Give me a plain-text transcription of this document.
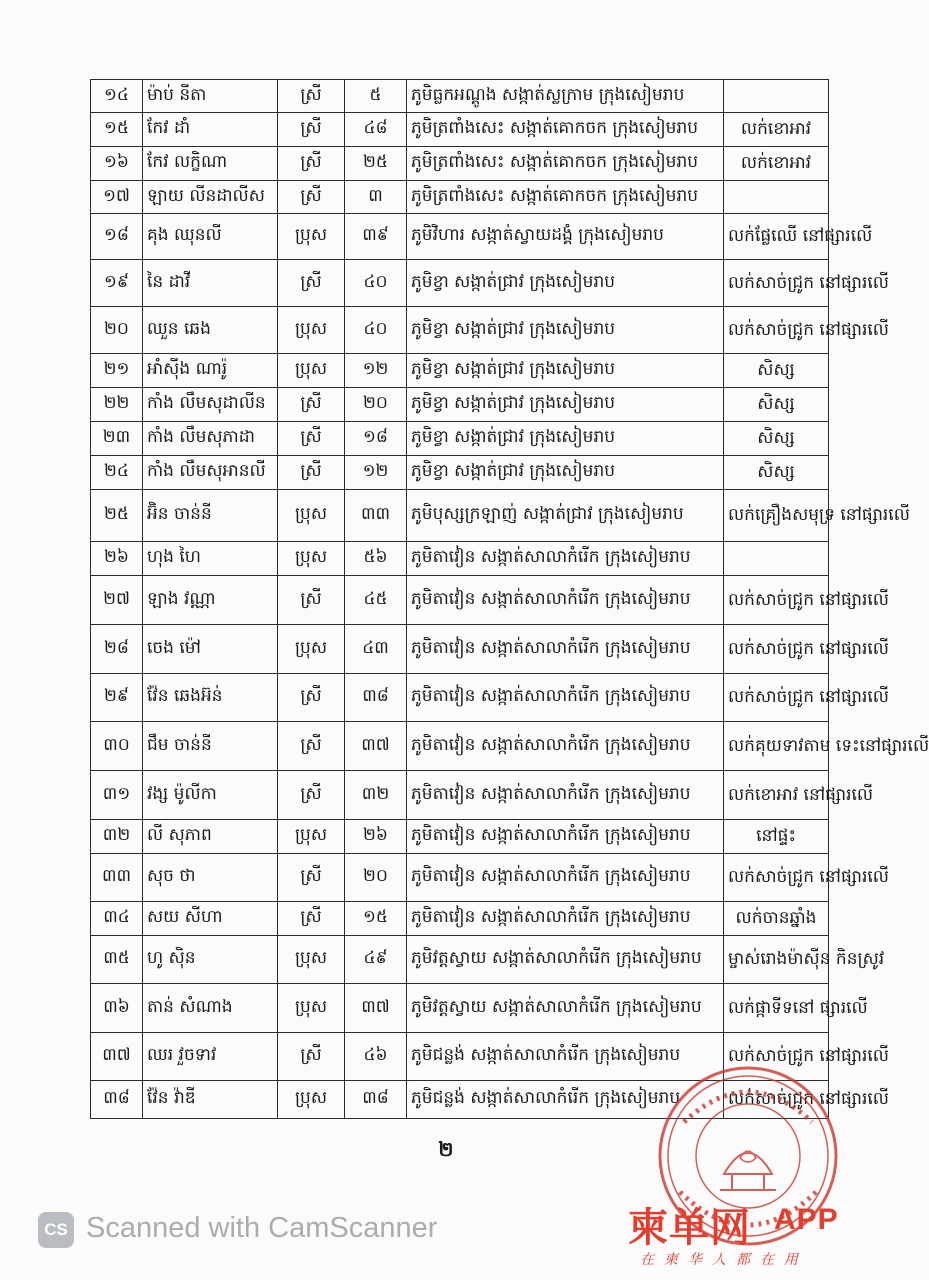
១៤	ម៉ាប់ នីតា	ស្រី	៥	ភូមិធ្លកអណ្តូង សង្កាត់ស្លក្រាម ក្រុងសៀមរាប	
១៥	កែវ ដាំ	ស្រី	៤៨	ភូមិត្រពាំងសេះ សង្កាត់គោកចក ក្រុងសៀមរាប	លក់ខោអាវ
១៦	កែវ លក្ខិណា	ស្រី	២៥	ភូមិត្រពាំងសេះ សង្កាត់គោកចក ក្រុងសៀមរាប	លក់ខោអាវ
១៧	ឡាយ លីនដាលីស	ស្រី	៣	ភូមិត្រពាំងសេះ សង្កាត់គោកចក ក្រុងសៀមរាប	
១៨	គុង ឈុនលី	ប្រុស	៣៩	ភូមិវិហារ សង្កាត់ស្វាយដង្គំ ក្រុងសៀមរាប	លក់ផ្លែឈើ នៅផ្សារលើ
១៩	នៃ ដាវី	ស្រី	៤០	ភូមិខ្វា សង្កាត់ជ្រាវ ក្រុងសៀមរាប	លក់សាច់ជ្រូក នៅផ្សារលើ
២០	ឈួន ឆេង	ប្រុស	៤០	ភូមិខ្វា សង្កាត់ជ្រាវ ក្រុងសៀមរាប	លក់សាច់ជ្រូក នៅផ្សារលើ
២១	អាំស៊ីង ណារ៉ូ	ប្រុស	១២	ភូមិខ្វា សង្កាត់ជ្រាវ ក្រុងសៀមរាប	សិស្ស
២២	កាំង លឹមសុដាលីន	ស្រី	២០	ភូមិខ្វា សង្កាត់ជ្រាវ ក្រុងសៀមរាប	សិស្ស
២៣	កាំង លឹមសុភាដា	ស្រី	១៨	ភូមិខ្វា សង្កាត់ជ្រាវ ក្រុងសៀមរាប	សិស្ស
២៤	កាំង លឹមសុអានលី	ស្រី	១២	ភូមិខ្វា សង្កាត់ជ្រាវ ក្រុងសៀមរាប	សិស្ស
២៥	អ៊ិន ចាន់នី	ប្រុស	៣៣	ភូមិបុស្សក្រឡាញ់ សង្កាត់ជ្រាវ ក្រុងសៀមរាប	លក់គ្រឿងសមុទ្រ នៅផ្សារលើ
២៦	ហុង ហៃ	ប្រុស	៥៦	ភូមិតាវៀន សង្កាត់សាលាកំរើក ក្រុងសៀមរាប	
២៧	ឡាង វណ្ណា	ស្រី	៤៥	ភូមិតាវៀន សង្កាត់សាលាកំរើក ក្រុងសៀមរាប	លក់សាច់ជ្រូក នៅផ្សារលើ
២៨	ចេង ម៉ៅ	ប្រុស	៤៣	ភូមិតាវៀន សង្កាត់សាលាកំរើក ក្រុងសៀមរាប	លក់សាច់ជ្រូក នៅផ្សារលើ
២៩	វ៉ែន ឆេងអ៊ន់	ស្រី	៣៨	ភូមិតាវៀន សង្កាត់សាលាកំរើក ក្រុងសៀមរាប	លក់សាច់ជ្រូក នៅផ្សារលើ
៣០	ជឹម ចាន់នី	ស្រី	៣៧	ភូមិតាវៀន សង្កាត់សាលាកំរើក ក្រុងសៀមរាប	លក់គុយទាវតាម ទេះនៅផ្សារលើ
៣១	វង្ស ម៉ូលីកា	ស្រី	៣២	ភូមិតាវៀន សង្កាត់សាលាកំរើក ក្រុងសៀមរាប	លក់ខោអាវ នៅផ្សារលើ
៣២	លី សុភាព	ប្រុស	២៦	ភូមិតាវៀន សង្កាត់សាលាកំរើក ក្រុងសៀមរាប	នៅផ្ទះ
៣៣	សុច ថា	ស្រី	២០	ភូមិតាវៀន សង្កាត់សាលាកំរើក ក្រុងសៀមរាប	លក់សាច់ជ្រូក នៅផ្សារលើ
៣៤	សយ សីហា	ស្រី	១៥	ភូមិតាវៀន សង្កាត់សាលាកំរើក ក្រុងសៀមរាប	លក់ចានឆ្នាំង
៣៥	ហូ ស៊ិន	ប្រុស	៤៩	ភូមិវត្តស្វាយ សង្កាត់សាលាកំរើក ក្រុងសៀមរាប	ម្ចាស់រោងម៉ាស៊ីន កិនស្រូវ
៣៦	តាន់ សំណាង	ប្រុស	៣៧	ភូមិវត្តស្វាយ សង្កាត់សាលាកំរើក ក្រុងសៀមរាប	លក់ផ្កាទីទនៅ ផ្សារលើ
៣៧	ឈរ វួចទាវ	ស្រី	៤៦	ភូមិជន្លង់ សង្កាត់សាលាកំរើក ក្រុងសៀមរាប	លក់សាច់ជ្រូក នៅផ្សារលើ
៣៨	វ៉ែន វ៉ាឌី	ប្រុស	៣៨	ភូមិជន្លង់ សង្កាត់សាលាកំរើក ក្រុងសៀមរាប	លក់សាច់ជ្រូក នៅផ្សារលើ
២
CS Scanned with CamScanner	柬单网 APP
在柬华人都在用
